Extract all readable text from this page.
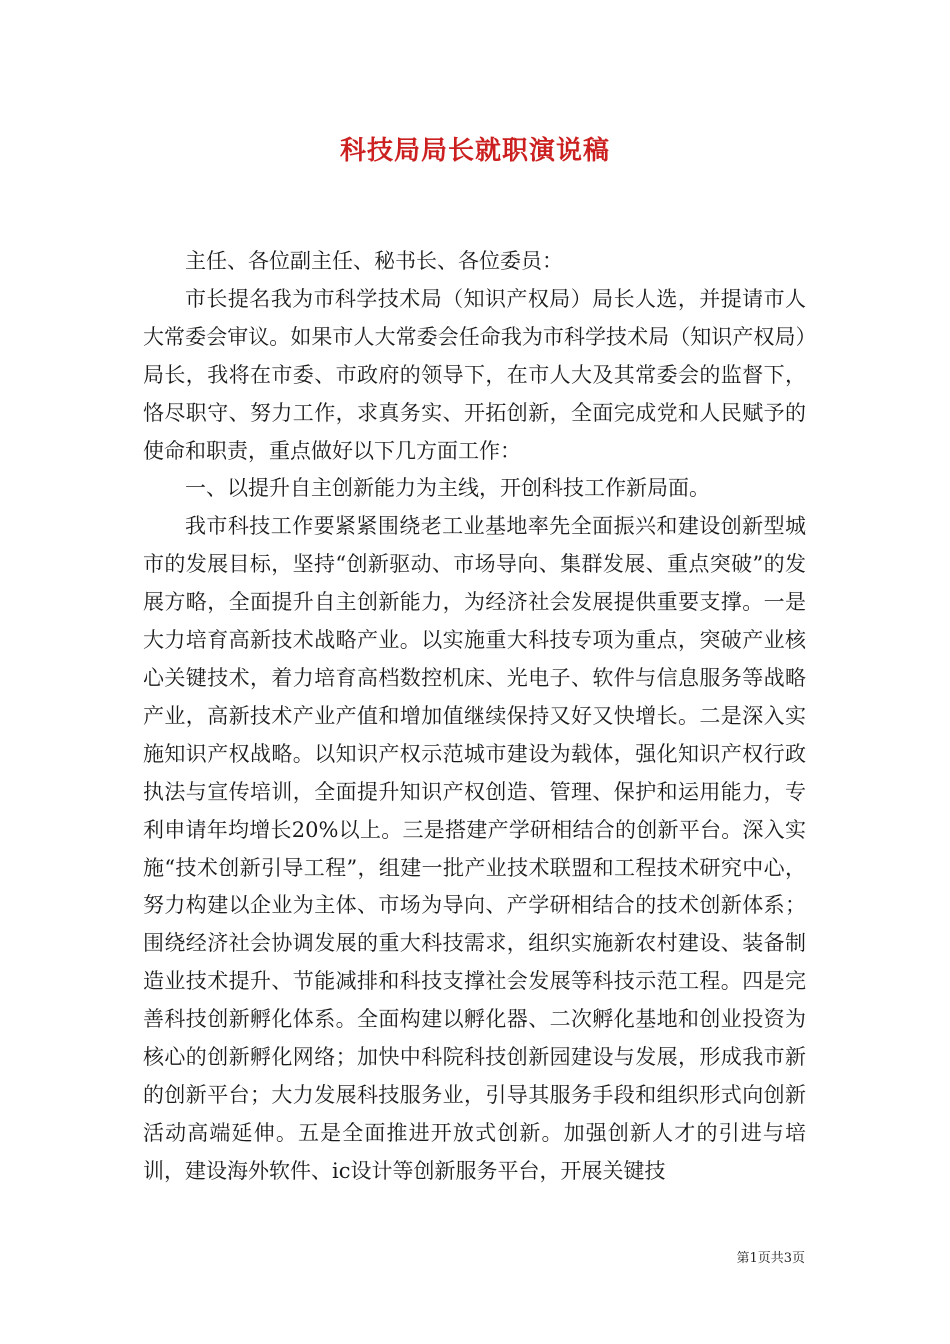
科技局局长就职演说稿

主任、各位副主任、秘书长、各位委员：

市长提名我为市科学技术局（知识产权局）局长人选，并提请市人大常委会审议。如果市人大常委会任命我为市科学技术局（知识产权局）局长，我将在市委、市政府的领导下，在市人大及其常委会的监督下，恪尽职守、努力工作，求真务实、开拓创新，全面完成党和人民赋予的使命和职责，重点做好以下几方面工作：

一、以提升自主创新能力为主线，开创科技工作新局面。

我市科技工作要紧紧围绕老工业基地率先全面振兴和建设创新型城市的发展目标，坚持“创新驱动、市场导向、集群发展、重点突破”的发展方略，全面提升自主创新能力，为经济社会发展提供重要支撑。一是大力培育高新技术战略产业。以实施重大科技专项为重点，突破产业核心关键技术，着力培育高档数控机床、光电子、软件与信息服务等战略产业，高新技术产业产值和增加值继续保持又好又快增长。二是深入实施知识产权战略。以知识产权示范城市建设为载体，强化知识产权行政执法与宣传培训，全面提升知识产权创造、管理、保护和运用能力，专利申请年均增长20%以上。三是搭建产学研相结合的创新平台。深入实施“技术创新引导工程”，组建一批产业技术联盟和工程技术研究中心，努力构建以企业为主体、市场为导向、产学研相结合的技术创新体系；围绕经济社会协调发展的重大科技需求，组织实施新农村建设、装备制造业技术提升、节能减排和科技支撑社会发展等科技示范工程。四是完善科技创新孵化体系。全面构建以孵化器、二次孵化基地和创业投资为核心的创新孵化网络；加快中科院科技创新园建设与发展，形成我市新的创新平台；大力发展科技服务业，引导其服务手段和组织形式向创新活动高端延伸。五是全面推进开放式创新。加强创新人才的引进与培训，建设海外软件、ic设计等创新服务平台，开展关键技

第1页共3页
